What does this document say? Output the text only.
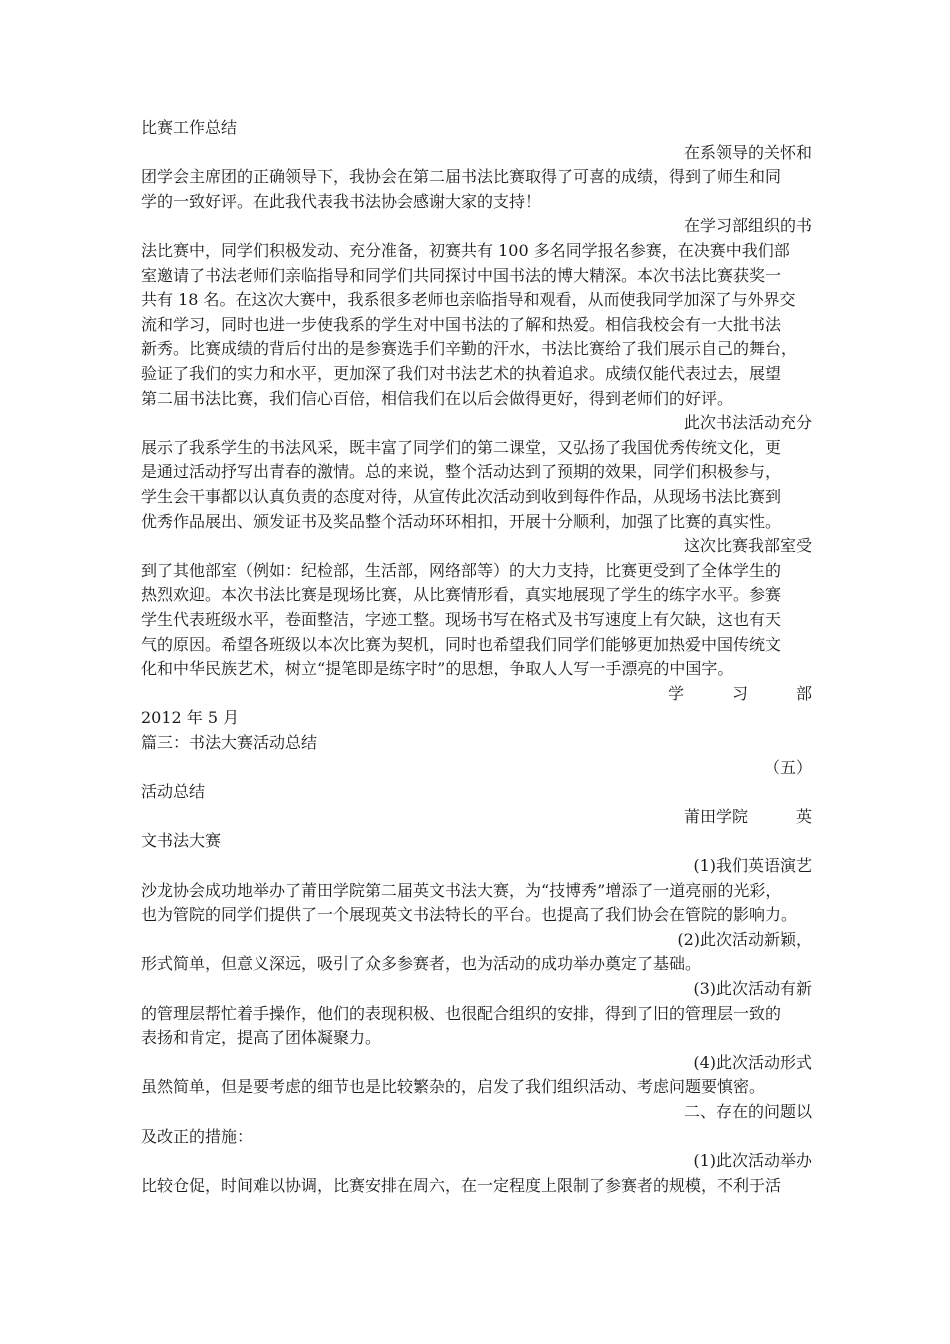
比赛工作总结
在系领导的关怀和
团学会主席团的正确领导下，我协会在第二届书法比赛取得了可喜的成绩，得到了师生和同
学的一致好评。在此我代表我书法协会感谢大家的支持！
在学习部组织的书
法比赛中，同学们积极发动、充分准备，初赛共有 100 多名同学报名参赛，在决赛中我们部
室邀请了书法老师们亲临指导和同学们共同探讨中国书法的博大精深。本次书法比赛获奖一
共有 18 名。在这次大赛中，我系很多老师也亲临指导和观看，从而使我同学加深了与外界交
流和学习，同时也进一步使我系的学生对中国书法的了解和热爱。相信我校会有一大批书法
新秀。比赛成绩的背后付出的是参赛选手们辛勤的汗水，书法比赛给了我们展示自己的舞台，
验证了我们的实力和水平，更加深了我们对书法艺术的执着追求。成绩仅能代表过去，展望
第二届书法比赛，我们信心百倍，相信我们在以后会做得更好，得到老师们的好评。
此次书法活动充分
展示了我系学生的书法风采，既丰富了同学们的第二课堂，又弘扬了我国优秀传统文化，更
是通过活动抒写出青春的激情。总的来说，整个活动达到了预期的效果，同学们积极参与，
学生会干事都以认真负责的态度对待，从宣传此次活动到收到每件作品，从现场书法比赛到
优秀作品展出、颁发证书及奖品整个活动环环相扣，开展十分顺利，加强了比赛的真实性。
这次比赛我部室受
到了其他部室（例如：纪检部，生活部，网络部等）的大力支持，比赛更受到了全体学生的
热烈欢迎。本次书法比赛是现场比赛，从比赛情形看，真实地展现了学生的练字水平。参赛
学生代表班级水平，卷面整洁，字迹工整。现场书写在格式及书写速度上有欠缺，这也有天
气的原因。希望各班级以本次比赛为契机，同时也希望我们同学们能够更加热爱中国传统文
化和中华民族艺术，树立“提笔即是练字时”的思想，争取人人写一手漂亮的中国字。
学　　　习　　　部
2012 年 5 月
篇三：书法大赛活动总结
（五）
活动总结
莆田学院　　　英
文书法大赛
(1)我们英语演艺
沙龙协会成功地举办了莆田学院第二届英文书法大赛，为“技博秀”增添了一道亮丽的光彩，
也为管院的同学们提供了一个展现英文书法特长的平台。也提高了我们协会在管院的影响力。
(2)此次活动新颖，
形式简单，但意义深远，吸引了众多参赛者，也为活动的成功举办奠定了基础。
(3)此次活动有新
的管理层帮忙着手操作，他们的表现积极、也很配合组织的安排，得到了旧的管理层一致的
表扬和肯定，提高了团体凝聚力。
(4)此次活动形式
虽然简单，但是要考虑的细节也是比较繁杂的，启发了我们组织活动、考虑问题要慎密。
二、存在的问题以
及改正的措施：
(1)此次活动举办
比较仓促，时间难以协调，比赛安排在周六，在一定程度上限制了参赛者的规模，不利于活
